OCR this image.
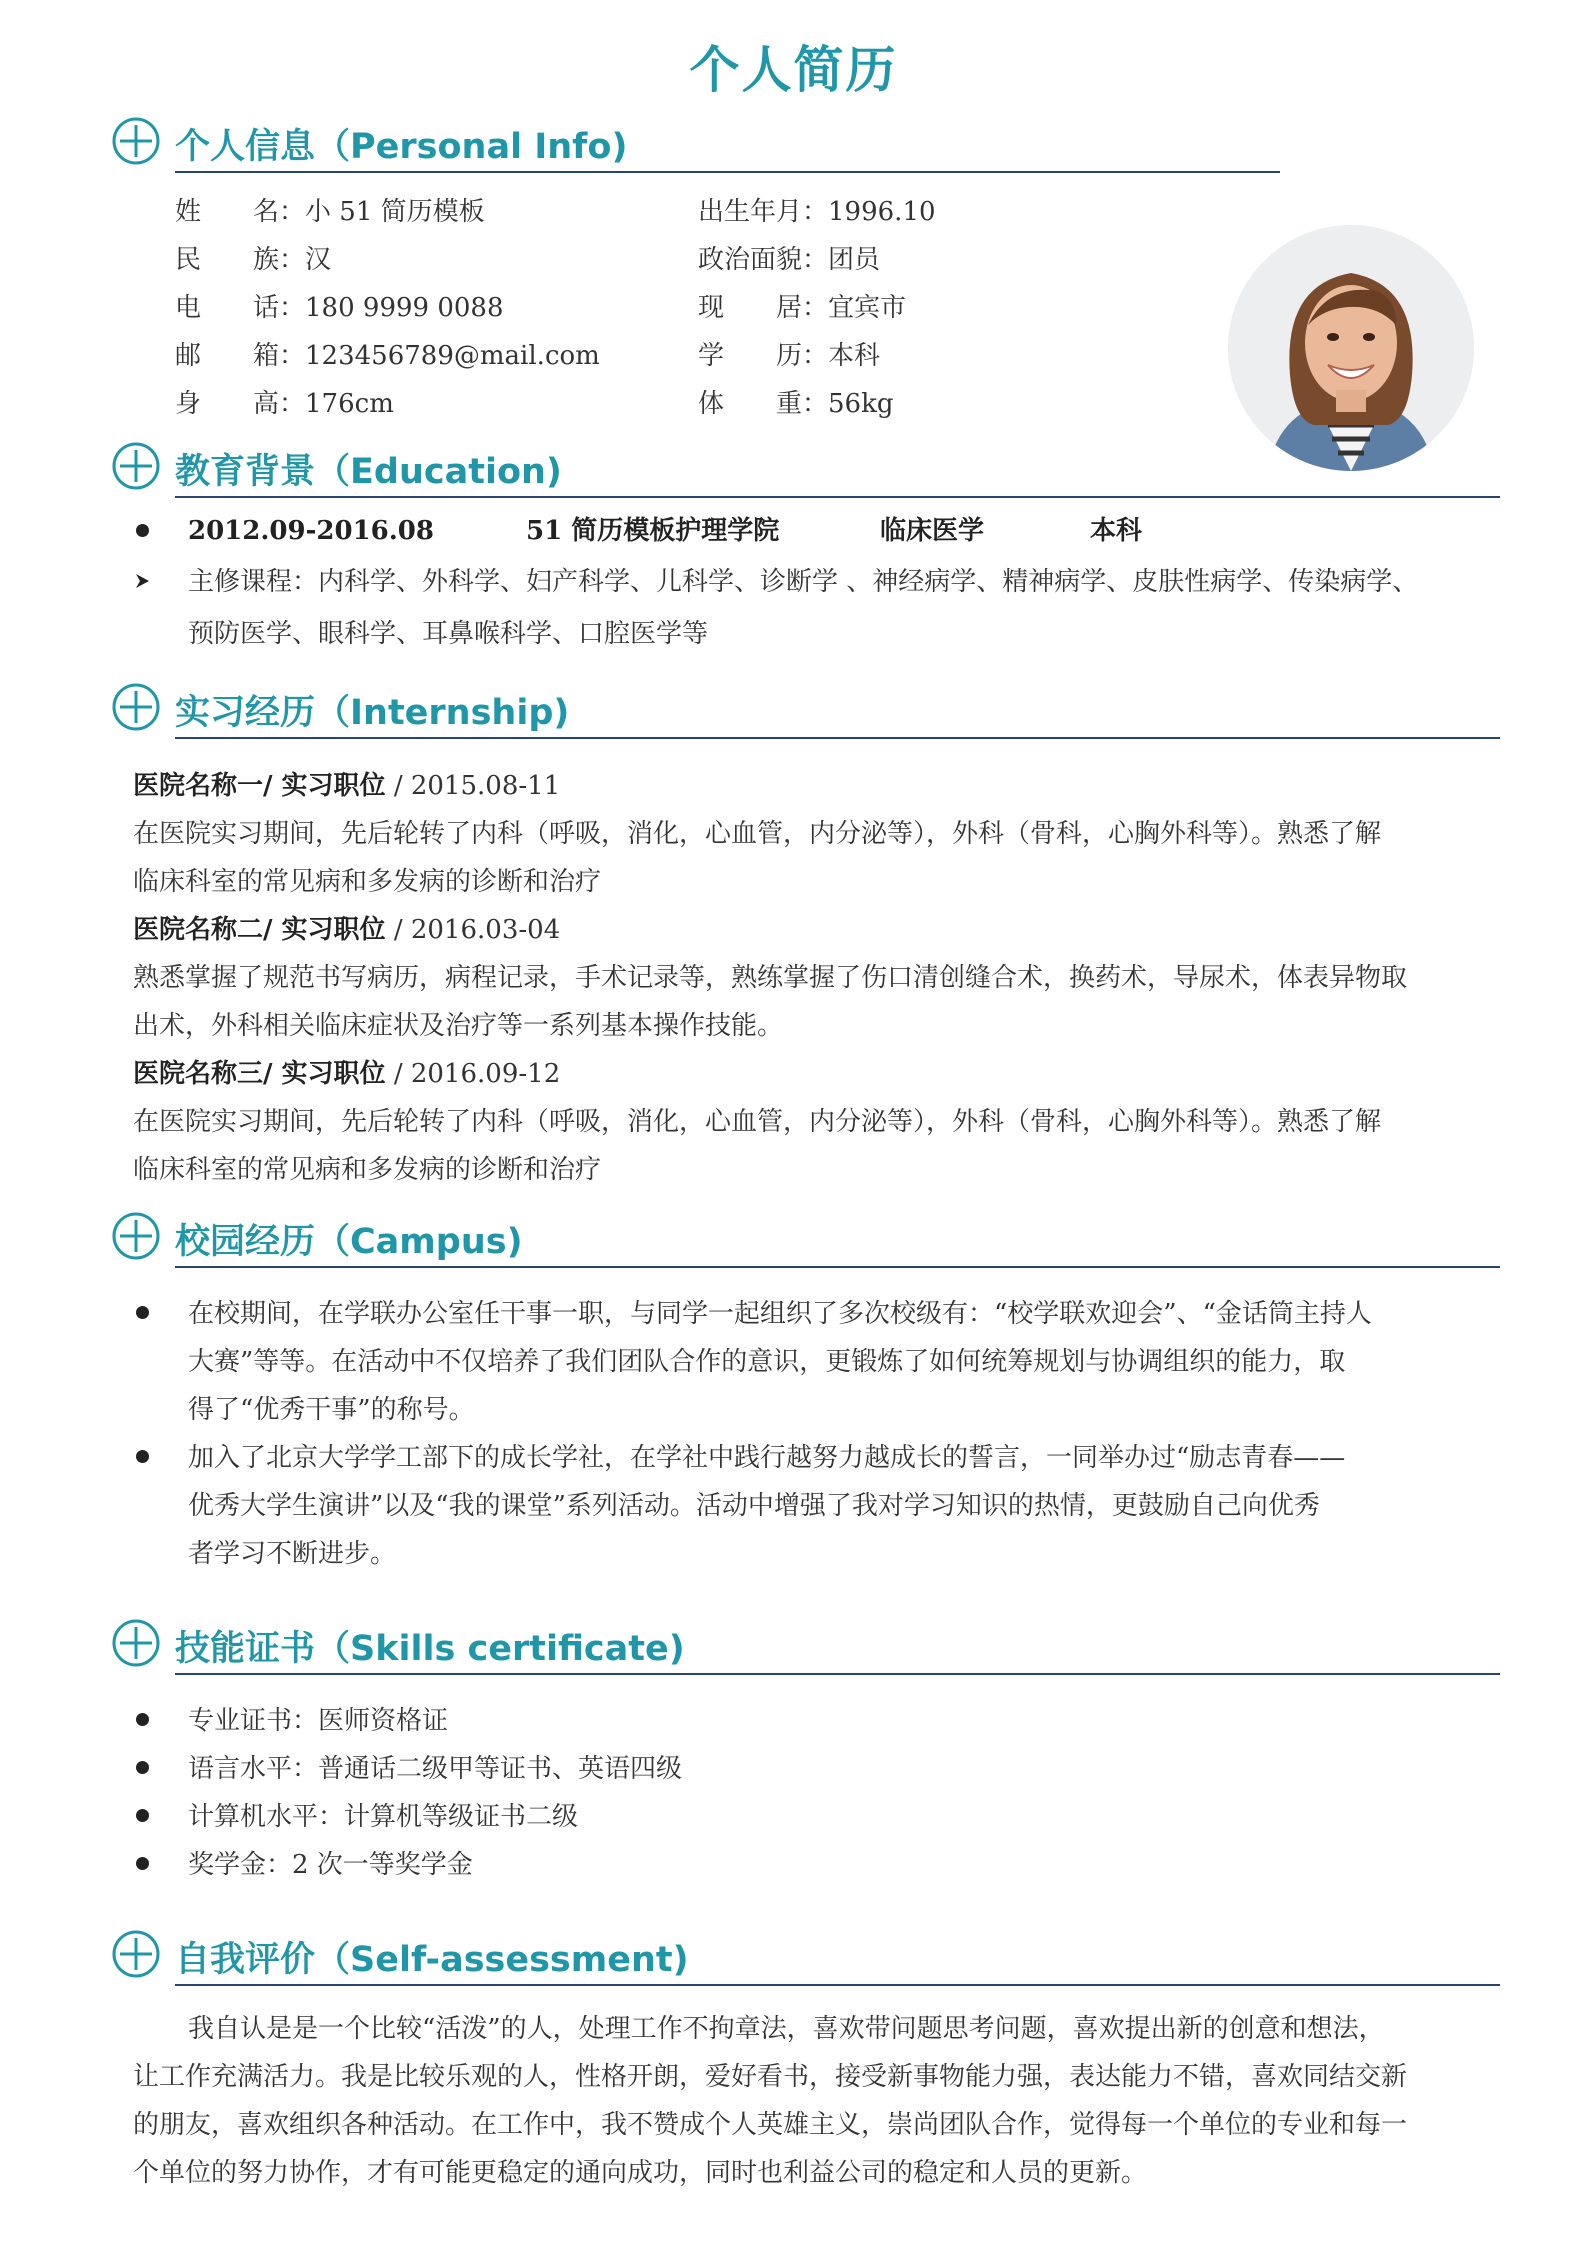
个人简历
个人信息（Personal Info)
姓　　名：小 51 简历模板	出生年月：1996.10
民　　族：汉	政治面貌：团员
电　　话：180 9999 0088	现　　居：宜宾市
邮　　箱：123456789@mail.com	学　　历：本科
身　　高：176cm	体　　重：56kg
教育背景（Education)
2012.09-2016.08	51 简历模板护理学院	临床医学	本科
主修课程：内科学、外科学、妇产科学、儿科学、诊断学 、神经病学、精神病学、皮肤性病学、传染病学、
预防医学、眼科学、耳鼻喉科学、口腔医学等
实习经历（Internship)
医院名称一/ 实习职位 / 2015.08-11
在医院实习期间，先后轮转了内科（呼吸，消化，心血管，内分泌等），外科（骨科，心胸外科等）。熟悉了解
临床科室的常见病和多发病的诊断和治疗
医院名称二/ 实习职位 / 2016.03-04
熟悉掌握了规范书写病历，病程记录，手术记录等，熟练掌握了伤口清创缝合术，换药术，导尿术，体表异物取
出术，外科相关临床症状及治疗等一系列基本操作技能。
医院名称三/ 实习职位 / 2016.09-12
在医院实习期间，先后轮转了内科（呼吸，消化，心血管，内分泌等），外科（骨科，心胸外科等）。熟悉了解
临床科室的常见病和多发病的诊断和治疗
校园经历（Campus)
在校期间，在学联办公室任干事一职，与同学一起组织了多次校级有：“校学联欢迎会”、“金话筒主持人
大赛”等等。在活动中不仅培养了我们团队合作的意识，更锻炼了如何统筹规划与协调组织的能力，取
得了“优秀干事”的称号。
加入了北京大学学工部下的成长学社，在学社中践行越努力越成长的誓言，一同举办过“励志青春——
优秀大学生演讲”以及“我的课堂”系列活动。活动中增强了我对学习知识的热情，更鼓励自己向优秀
者学习不断进步。
技能证书（Skills certificate)
专业证书：医师资格证
语言水平：普通话二级甲等证书、英语四级
计算机水平：计算机等级证书二级
奖学金：2 次一等奖学金
自我评价（Self-assessment)
我自认是是一个比较“活泼”的人，处理工作不拘章法，喜欢带问题思考问题，喜欢提出新的创意和想法，
让工作充满活力。我是比较乐观的人，性格开朗，爱好看书，接受新事物能力强，表达能力不错，喜欢同结交新
的朋友，喜欢组织各种活动。在工作中，我不赞成个人英雄主义，崇尚团队合作，觉得每一个单位的专业和每一
个单位的努力协作，才有可能更稳定的通向成功，同时也利益公司的稳定和人员的更新。
